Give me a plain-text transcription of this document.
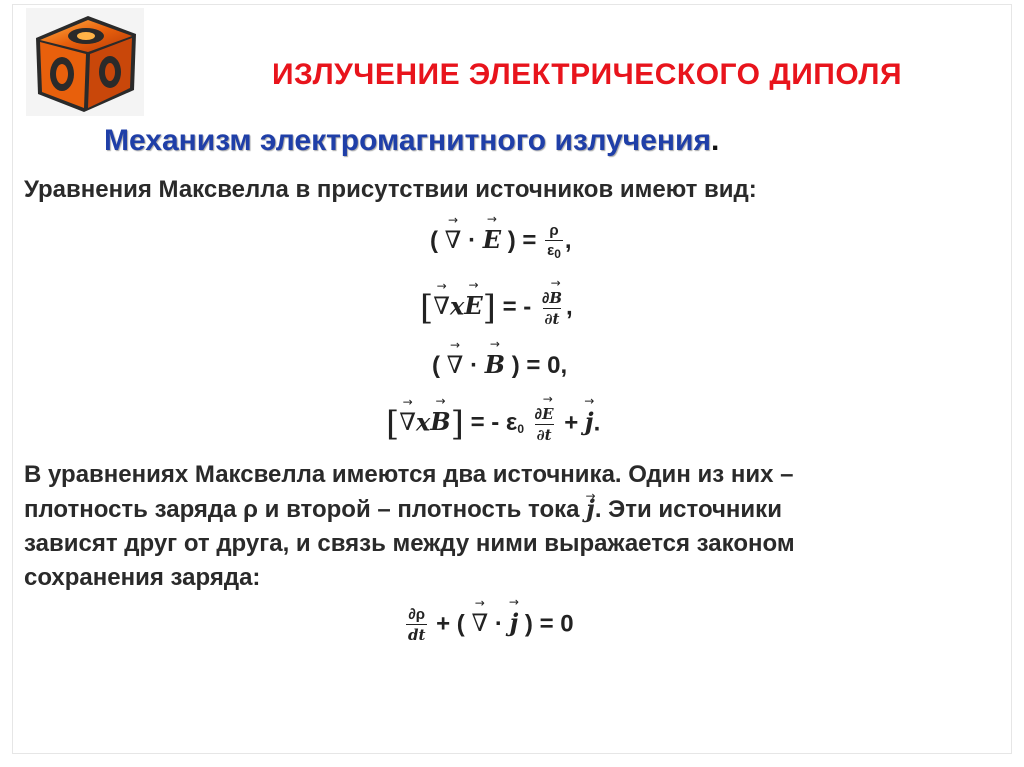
ИЗЛУЧЕНИЕ ЭЛЕКТРИЧЕСКОГО ДИПОЛЯ
Механизм электромагнитного излучения.
Уравнения Максвелла в присутствии источников имеют вид:
( → ∇ · → E ) = $\frac{\rho}{\varepsilon_0}$ ,
[→ ∇x→ E] = - $\frac{\partial\to B}{\partial t}$ ,
( → ∇ · → B ) = 0,
[→ ∇x→ B] = - $\varepsilon_0 \frac{\partial\to E}{\partial t}$ + → j.
В уравнениях Максвелла имеются два источника. Один из них –
плотность заряда ρ и второй – плотность тока → j. Эти источники
зависят друг от друга, и связь между ними выражается законом
сохранения заряда:
$\frac{\partial\rho}{dt}$ + ( → ∇ · → j ) = 0
